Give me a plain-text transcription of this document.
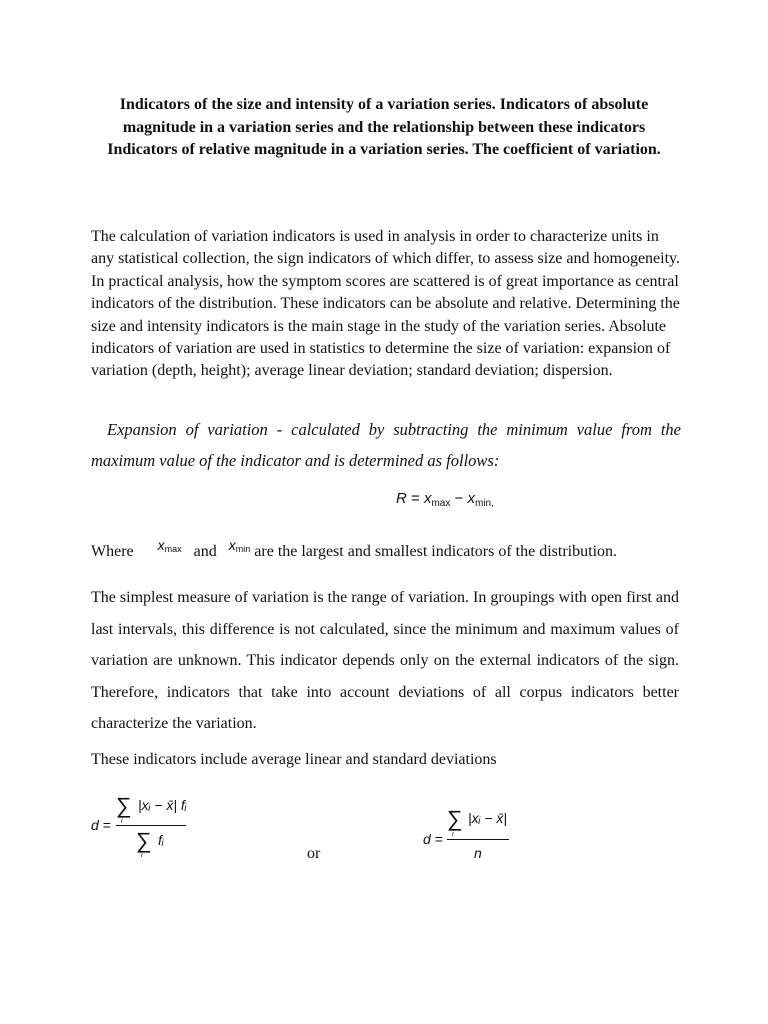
Indicators of the size and intensity of a variation series. Indicators of absolute magnitude in a variation series and the relationship between these indicators Indicators of relative magnitude in a variation series. The coefficient of variation.
The calculation of variation indicators is used in analysis in order to characterize units in any statistical collection, the sign indicators of which differ, to assess size and homogeneity. In practical analysis, how the symptom scores are scattered is of great importance as central indicators of the distribution. These indicators can be absolute and relative. Determining the size and intensity indicators is the main stage in the study of the variation series. Absolute indicators of variation are used in statistics to determine the size of variation: expansion of variation (depth, height); average linear deviation; standard deviation; dispersion.
Expansion of variation - calculated by subtracting the minimum value from the maximum value of the indicator and is determined as follows:
$R = x_{max} - x_{min,}$
Where $x_{max}$ and $x_{min}$ are the largest and smallest indicators of the distribution.
The simplest measure of variation is the range of variation. In groupings with open first and last intervals, this difference is not calculated, since the minimum and maximum values of variation are unknown. This indicator depends only on the external indicators of the sign. Therefore, indicators that take into account deviations of all corpus indicators better characterize the variation.
These indicators include average linear and standard deviations
d =
∑
i
|xᵢ − x̄| fᵢ
∑
i
fᵢ
or
d =
∑
i
|xᵢ − x̄|
n
